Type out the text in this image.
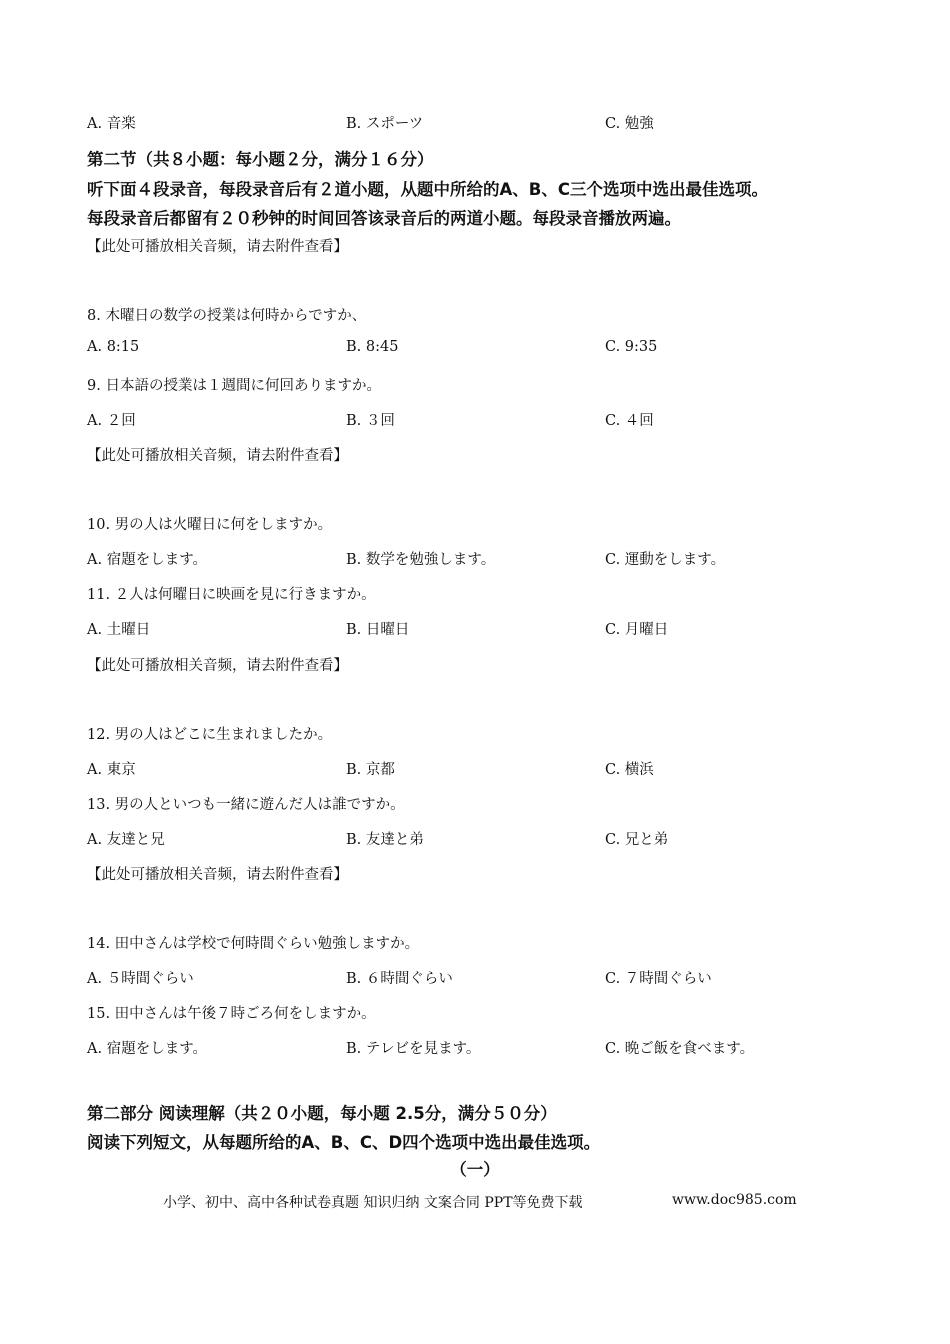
A. 音楽	B. スポーツ	C. 勉強
第二节（共８小题：每小题２分，满分１６分）
听下面４段录音，每段录音后有２道小题，从题中所给的A、B、C三个选项中选出最佳选项。
每段录音后都留有２０秒钟的时间回答该录音后的两道小题。每段录音播放两遍。
【此处可播放相关音频，请去附件查看】
8. 木曜日の数学の授業は何時からですか、
A. 8:15	B. 8:45	C. 9:35
9. 日本語の授業は１週間に何回ありますか。
A. ２回	B. ３回	C. ４回
【此处可播放相关音频，请去附件查看】
10. 男の人は火曜日に何をしますか。
A. 宿題をします。	B. 数学を勉強します。	C. 運動をします。
11. ２人は何曜日に映画を見に行きますか。
A. 土曜日	B. 日曜日	C. 月曜日
【此处可播放相关音频，请去附件查看】
12. 男の人はどこに生まれましたか。
A. 東京	B. 京都	C. 横浜
13. 男の人といつも一緒に遊んだ人は誰ですか。
A. 友達と兄	B. 友達と弟	C. 兄と弟
【此处可播放相关音频，请去附件查看】
14. 田中さんは学校で何時間ぐらい勉強しますか。
A. ５時間ぐらい	B. ６時間ぐらい	C. ７時間ぐらい
15. 田中さんは午後７時ごろ何をしますか。
A. 宿題をします。	B. テレビを見ます。	C. 晩ご飯を食べます。
第二部分 阅读理解（共２０小题，每小题 2.5分，满分５０分）
阅读下列短文，从每题所给的A、B、C、D四个选项中选出最佳选项。
（一）
小学、初中、高中各种试卷真题 知识归纳 文案合同 PPT等免费下载	www.doc985.com
